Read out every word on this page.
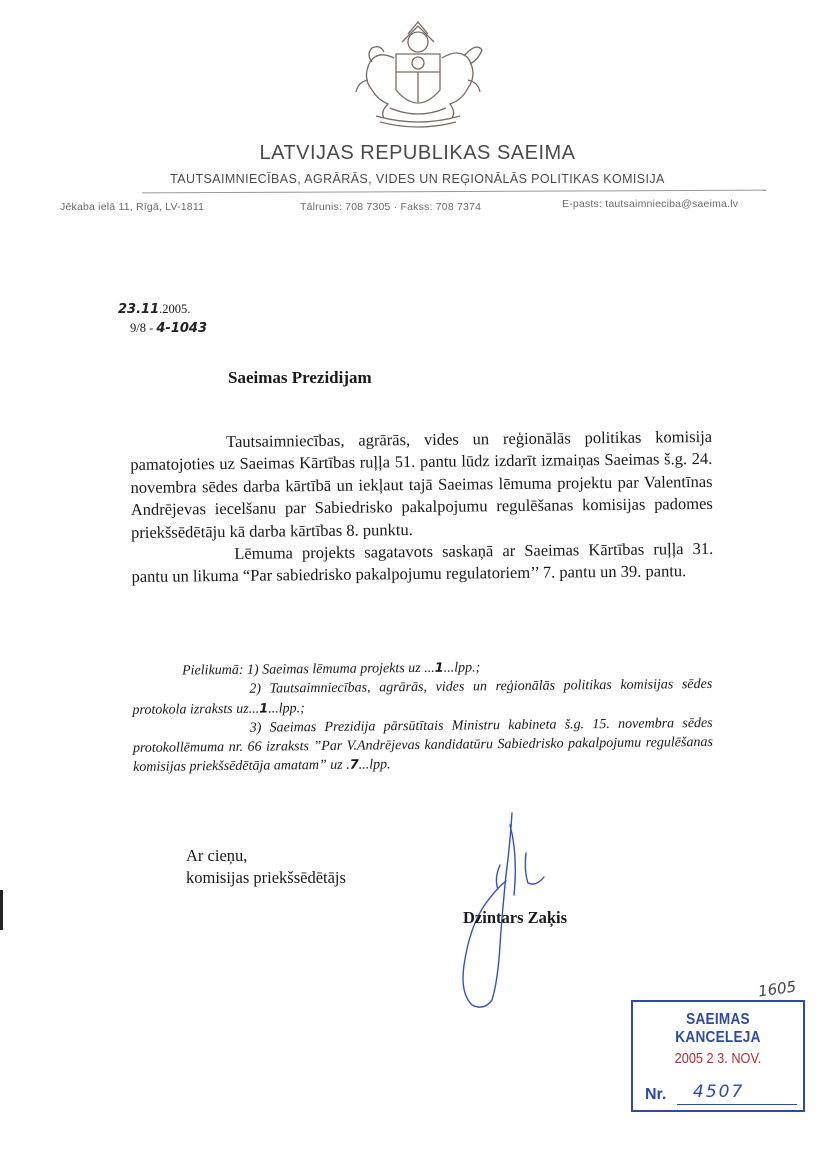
LATVIJAS REPUBLIKAS SAEIMA
TAUTSAIMNIECĪBAS, AGRĀRĀS, VIDES UN REĢIONĀLĀS POLITIKAS KOMISIJA
Jēkaba ielā 11, Rīgā, LV-1811	Tālrunis: 708 7305 · Fakss: 708 7374	E-pasts: tautsaimnieciba@saeima.lv
23.11.2005.
9/8 - 4-1043
Saeimas Prezidijam

Tautsaimniecības, agrārās, vides un reģionālās politikas komisija pamatojoties uz Saeimas Kārtības ruļļa 51. pantu lūdz izdarīt izmaiņas Saeimas š.g. 24. novembra sēdes darba kārtībā un iekļaut tajā Saeimas lēmuma projektu par Valentīnas Andrējevas iecelšanu par Sabiedrisko pakalpojumu regulēšanas komisijas padomes priekšsēdētāju kā darba kārtības 8. punktu.

Lēmuma projekts sagatavots saskaņā ar Saeimas Kārtības ruļļa 31. pantu un likuma “Par sabiedrisko pakalpojumu regulatoriem’’ 7. pantu un 39. pantu.

Pielikumā: 1) Saeimas lēmuma projekts uz ...1...lpp.;

2) Tautsaimniecības, agrārās, vides un reģionālās politikas komisijas sēdes protokola izraksts uz...1...lpp.;

3) Saeimas Prezidija pārsūtītais Ministru kabineta š.g. 15. novembra sēdes protokollēmuma nr. 66 izraksts ”Par V.Andrējevas kandidatūru Sabiedrisko pakalpojumu regulēšanas komisijas priekšsēdētāja amatam” uz .7...lpp.

Ar cieņu,
komisijas priekšsēdētājs
Dzintars Zaķis
1605
SAEIMAS KANCELEJA
2005 2 3. NOV.
Nr. 4507
